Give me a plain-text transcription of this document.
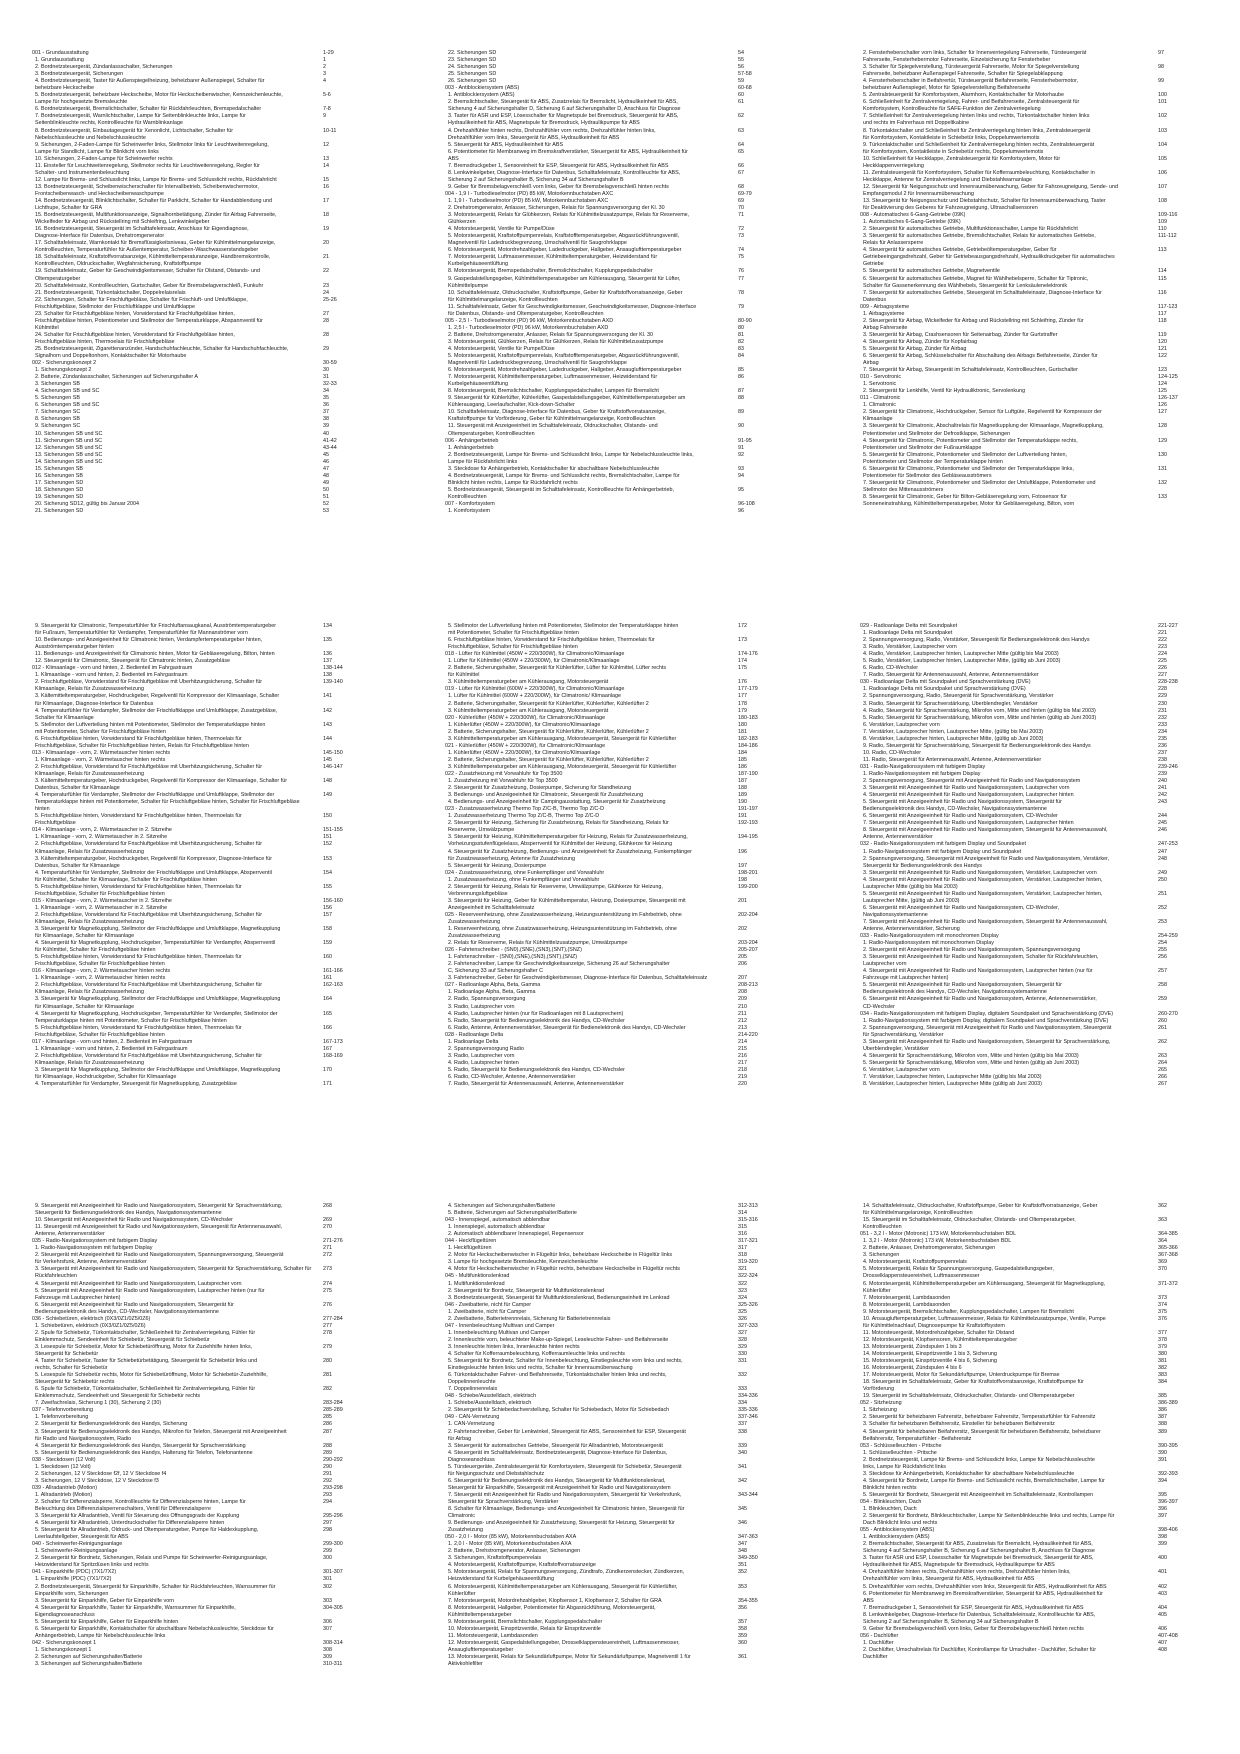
001 - Grundausstattung	1-29
1. Grundausstattung	1
2. Bordnetzsteuergerät, Zündanlassschalter, Sicherungen	2
3. Bordnetzsteuergerät, Sicherungen	3
4. Bordnetzsteuergerät, Taster für Außenspiegelheizung, beheizbarer Außenspiegel, Schalter für	4
beheizbare Heckscheibe
5. Bordnetzsteuergerät, beheizbare Heckscheibe, Motor für Heckscheibenwischer, Kennzeichenleuchte,	5-6
Lampe für hochgesetzte Bremsleuchte
6. Bordnetzsteuergerät, Bremslichtschalter, Schalter für Rückfahrleuchten, Bremspedalschalter	7-8
7. Bordnetzsteuergerät, Warnlichtschalter, Lampe für Seitenblinkleuchte links, Lampe für	9
Seitenblinkleuchte rechts, Kontrollleuchte für Warnblinkanlage
8. Bordnetzsteuergerät, Einbautagesgerät für Xenonlicht, Lichtschalter, Schalter für	10-11
Nebelschlussleuchte und Nebelschlussleuchte
9. Sicherungen, 2-Faden-Lampe für Scheinwerfer links, Stellmotor links für Leuchtweitenregelung,	12
Lampe für Standlicht, Lampe für Blinklicht vorn links
10. Sicherungen, 2-Faden-Lampe für Scheinwerfer rechts	13
11. Einsteller für Leuchtweitenregelung, Stellmotor rechts für Leuchtweitenregelung, Regler für	14
Schalter- und Instrumentenbeleuchtung
12. Lampe für Brems- und Schlusslicht links, Lampe für Brems- und Schlusslicht rechts, Rückfahrlicht	15
13. Bordnetzsteuergerät, Scheibenwischerschalter für Intervallbetrieb, Scheibenwischermotor,	16
Frontscheibenwasch- und Heckscheibenwaschpumpe
14. Bordnetzsteuergerät, Blinklichtschalter, Schalter für Parklicht, Schalter für Handabblendung und	17
Lichthupe, Schalter für GRA
15. Bordnetzsteuergerät, Multifunktionsanzeige, Signalhornbetätigung, Zünder für Airbag Fahrerseite,	18
Wickelfeder für Airbag und Rückstellring mit Schleifring, Lenkwinkelgeber
16. Bordnetzsteuergerät, Steuergerät im Schalttafeleinsatz, Anschluss für Eigendiagnose,	19
Diagnose-Interface für Datenbus, Drehstromgenerator
17. Schalttafeleinsatz, Warnkontakt für Bremsflüssigkeitsniveau, Geber für Kühlmittelmangelanzeige,	20
Kontrollleuchten, Temperaturfühler für Außentemperatur, Scheiben-Waschwasserstandsgeber
18. Schalttafeleinsatz, Kraftstoffvorratsanzeige, Kühlmitteltemperaturanzeige, Handbremskontrolle,	21
Kontrollleuchten, Öldruckschalter, Wegfahrsicherung, Kraftstoffpumpe
19. Schalttafeleinsatz, Geber für Geschwindigkeitsmesser, Schalter für Ölstand, Ölstands- und	22
Öltemperaturgeber
20. Schalttafeleinsatz, Kontrollleuchten, Gurtschalter, Geber für Bremsbelagverschleiß, Funkuhr	23
21. Bordnetzsteuergerät, Türkontaktschalter, Doppelrelaisrelais	24
22. Sicherungen, Schalter für Frischluftgebläse, Schalter für Frischluft- und Umluftklappe,	25-26
Frischluftgebläse, Stellmotor der Frischluftklappe und Umluftklappe
23. Schalter für Frischluftgebläse hinten, Vorwiderstand für Frischluftgebläse hinten,	27
Frischluftgebläse hinten, Potentiometer und Stellmotor der Temperaturklappe, Abspannventil für	28
Kühlmittel
24. Schalter für Frischluftgebläse hinten, Vorwiderstand für Frischluftgebläse hinten,	28
Frischluftgebläse hinten, Thermoelais für Frischluftgebläse
25. Bordnetzsteuergerät, Zigarettenanzünder, Handschuhfachleuchte, Schalter für Handschuhfachleuchte,	29
Signalhorn und Doppeltonhorn, Kontaktschalter für Motorhaube
002 - Sicherungskonzept 2	30-59
1. Sicherungskonzept 2	30
2. Batterie, Zündanlassschalter, Sicherungen auf Sicherungshalter A	31
3. Sicherungen SB	32-33
4. Sicherungen SB und SC	34
5. Sicherungen SB	35
6. Sicherungen SB und SC	36
7. Sicherungen SC	37
8. Sicherungen SB	38
9. Sicherungen SC	39
10. Sicherungen SB und SC	40
11. Sicherungen SB und SC	41-42
12. Sicherungen SB und SC	43-44
13. Sicherungen SB und SC	45
14. Sicherungen SB und SC	46
15. Sicherungen SB	47
16. Sicherungen SB	48
17. Sicherungen SD	49
18. Sicherungen SD	50
19. Sicherungen SD	51
20. Sicherung SD12, gültig bis Januar 2004	52
21. Sicherungen SD	53
22. Sicherungen SD	54
23. Sicherungen SD	55
24. Sicherungen SD	56
25. Sicherungen SD	57-58
26. Sicherungen SD	59
003 - Antiblockiersystem (ABS)	60-68
1. Antiblockiersystem (ABS)	60
2. Bremslichtschalter, Steuergerät für ABS, Zusatzrelais für Bremslicht, Hydraulikeinheit für ABS,	61
Sicherung 4 auf Sicherungshalter D, Sicherung 6 auf Sicherungshalter D, Anschluss für Diagnose
3. Taster für ASR und ESP, Lösesschalter für Magnetspule bei Bremsdruck, Steuergerät für ABS,	62
Hydraulikeinheit für ABS, Magnetspule für Bremsdruck, Hydraulikpumpe für ABS
4. Drehzahlfühler hinten rechts, Drehzahlfühler vorn rechts, Drehzahlfühler hinten links,	63
Drehzahlfühler vorn links, Steuergerät für ABS, Hydraulikeinheit für ABS
5. Steuergerät für ABS, Hydraulikeinheit für ABS	64
6. Potentiometer für Membranweg im Bremskraftverstärker, Steuergerät für ABS, Hydraulikeinheit für	65
ABS
7. Bremsdruckgeber 1, Sensoreinheit für ESP, Steuergerät für ABS, Hydraulikeinheit für ABS	66
8. Lenkwinkelgeber, Diagnose-Interface für Datenbus, Schalttafeleinsatz, Kontrollleuchte für ABS,	67
Sicherung 2 auf Sicherungshalter B, Sicherung 34 auf Sicherungshalter B
9. Geber für Bremsbelagverschleiß vorn links, Geber für Bremsbelagverschleiß hinten rechts	68
004 - 1,9 l - Turbodieselmotor (PD) 85 kW, Motorkennbuchstaben AXC	69-79
1. 1,9 l - Turbodieselmotor (PD) 85 kW, Motorkennbuchstaben AXC	69
2. Drehstromgenerator, Anlasser, Sicherungen, Relais für Spannungsversorgung der Kl. 30	70
3. Motorsteuergerät, Relais für Glühkerzen, Relais für Kühlmittelzusatzpumpe, Relais für Reserveme,	71
Glühkerzen
4. Motorsteuergerät, Ventile für Pumpe/Düse	72
5. Motorsteuergerät, Kraftstoffpumpenrelais, Kraftstofftemperaturgeber, Abgasrückführungsventil,	73
Magnetventil für Ladedruckbegrenzung, Umschaltventil für Saugrohrklappe
6. Motorsteuergerät, Motordrehzahlgeber, Ladedruckgeber, Hallgeber, Ansauglufttemperaturgeber	74
7. Motorsteuergerät, Luftmassenmesser, Kühlmitteltemperaturgeber, Heizwiderstand für	75
Kurbelgehäuseentlüftung
8. Motorsteuergerät, Bremspedalschalter, Bremslichtschalter, Kupplungspedalschalter	76
9. Gaspedalstellungsgeber, Kühlmitteltemperaturgeber am Kühlerausgang, Steuergerät für Lüfter,	77
Kühlmittelpumpe
10. Schalttafeleinsatz, Öldruckschalter, Kraftstoffpumpe, Geber für Kraftstoffvorratsanzeige, Geber	78
für Kühlmittelmangelanzeige, Kontrollleuchten
11. Schalttafeleinsatz, Geber für Geschwindigkeitsmesser, Geschwindigkeitsmesser, Diagnose-Interface	79
für Datenbus, Ölstands- und Öltemperaturgeber, Kontrollleuchten
005 - 2,5 l - Turbodieselmotor (PD) 96 kW, Motorkennbuchstaben AXD	80-90
1. 2,5 l - Turbodieselmotor (PD) 96 kW, Motorkennbuchstaben AXD	80
2. Batterie, Drehstromgenerator, Anlasser, Relais für Spannungsversorgung der Kl. 30	81
3. Motorsteuergerät, Glühkerzen, Relais für Glühkerzen, Relais für Kühlmittelzusatzpumpe	82
4. Motorsteuergerät, Ventile für Pumpe/Düse	83
5. Motorsteuergerät, Kraftstoffpumpenrelais, Kraftstofftemperaturgeber, Abgasrückführungsventil,	84
Magnetventil für Ladedruckbegrenzung, Umschaltventil für Saugrohrklappe
6. Motorsteuergerät, Motordrehzahlgeber, Ladedruckgeber, Hallgeber, Ansauglufttemperaturgeber	85
7. Motorsteuergerät, Kühlmitteltemperaturgeber, Luftmassenmesser, Heizwiderstand für	86
Kurbelgehäuseentlüftung
8. Motorsteuergerät, Bremslichtschalter, Kupplungspedalschalter, Lampen für Bremslicht	87
9. Steuergerät für Kühlerlüfter, Kühlerlüfter, Gaspedalstellungsgeber, Kühlmitteltemperaturgeber am	88
Kühlerausgang, Leerlaufschalter, Kick-down-Schalter
10. Schalttafeleinsatz, Diagnose-Interface für Datenbus, Geber für Kraftstoffvorratsanzeige,	89
Kraftstoffpumpe für Vorförderung, Geber für Kühlmittelmangelanzeige, Kontrollleuchten
11. Steuergerät mit Anzeigeeinheit im Schalttafeleinsatz, Öldruckschalter, Ölstands- und	90
Öltemperaturgeber, Kontrollleuchten
006 - Anhängerbetrieb	91-95
1. Anhängerbetrieb	91
2. Bordnetzsteuergerät, Lampe für Brems- und Schlusslicht links, Lampe für Nebelschlussleuchte links,	92
Lampe für Rückfahrlicht links
3. Steckdose für Anhängerbetrieb, Kontaktschalter für abschaltbare Nebelschlussleuchte	93
4. Bordnetzsteuergerät, Lampe für Brems- und Schlusslicht rechts, Bremslichtschalter, Lampe für	94
Blinklicht hinten rechts, Lampe für Rückfahrlicht rechts
5. Bordnetzsteuergerät, Steuergerät im Schalttafeleinsatz, Kontrollleuchte für Anhängerbetrieb,	95
Kontrollleuchten
007 - Komfortsystem	96-108
1. Komfortsystem	96
2. Fensterheberschalter vorn links, Schalter für Innenverriegelung Fahrerseite, Türsteuergerät	97
Fahrerseite, Fensterhebermotor Fahrerseite, Einzelsicherung für Fensterheber
3. Schalter für Spiegelverstellung, Türsteuergerät Fahrerseite, Motor für Spiegelverstellung	98
Fahrerseite, beheizbarer Außenspiegel Fahrerseite, Schalter für Spiegelabklappung
4. Fensterheberschalter in Beifahrertür, Türsteuergerät Beifahrerseite, Fensterhebermotor,	99
beheizbarer Außenspiegel, Motor für Spiegelverstellung Beifahrerseite
5. Zentralsteuergerät für Komfortsystem, Alarmhorn, Kontaktschalter für Motorhaube	100
6. Schließeinheit für Zentralverriegelung, Fahrer- und Beifahrerseite, Zentralsteuergerät für	101
Komfortsystem, Kontrollleuchte für SAFE-Funktion der Zentralverriegelung
7. Schließeinheit für Zentralverriegelung hinten links und rechts, Türkontaktschalter hinten links	102
und rechts im Fahrerhaus mit Doppeltkabine
8. Türkontaktschalter und Schließeinheit für Zentralverriegelung hinten links, Zentralsteuergerät	103
für Komfortsystem, Kontaktleiste in Schiebetür links, Doppelumwertemotis
9. Türkontaktschalter und Schließeinheit für Zentralverriegelung hinten rechts, Zentralsteuergerät	104
für Komfortsystem, Kontaktleiste in Schiebetür rechts, Doppelumwertemotis
10. Schließeinheit für Heckklappe, Zentralsteuergerät für Komfortsystem, Motor für	105
Heckklappenverriegelung
11. Zentralsteuergerät für Komfortsystem, Schalter für Kofferraumbeleuchtung, Kontaktschalter in	106
Heckklappe, Antenne für Zentralverriegelung und Diebstahlwarnanlage
12. Steuergerät für Neigungsschutz und Innenraumüberwachung, Geber für Fahrzeugneigung, Sende- und	107
Empfangsmodul 2 für Innenraumüberwachung
13. Steuergerät für Neigungsschutz und Diebstahlschutz, Schalter für Innenraumüberwachung, Taster	108
für Deaktivierung des Geberes für Fahrzeugneigung, Ultraschallsensoren
008 - Automatisches 6-Gang-Getriebe (09K)	109-116
1. Automatisches 6-Gang-Getriebe (09K)	109
2. Steuergerät für automatisches Getriebe, Multifunktionsschalter, Lampe für Rückfahrlicht	110
3. Steuergerät für automatisches Getriebe, Bremslichtschalter, Relais für automatisches Getriebe,	111-112
Relais für Anlassersperre
4. Steuergerät für automatisches Getriebe, Getriebeöltemperaturgeber, Geber für	113
Getriebeeingangsdrehzahl, Geber für Getriebeausgangsdrehzahl, Hydraulikdruckgeber für automatisches
Getriebe
5. Steuergerät für automatisches Getriebe, Magnetventile	114
6. Steuergerät für automatisches Getriebe, Magnet für Wählhebelsperre, Schalter für Tiptronic,	115
Schalter für Gassenerkennung des Wählhebels, Steuergerät für Lenksäulenelektronik
7. Steuergerät für automatisches Getriebe, Steuergerät im Schalttafeleinsatz, Diagnose-Interface für	116
Datenbus
009 - Airbagsysteme	117-123
1. Airbagsysteme	117
2. Steuergerät für Airbag, Wickelfeder für Airbag und Rückstellring mit Schleifring, Zünder für	118
Airbag Fahrerseite
3. Steuergerät für Airbag, Crashsensoren für Seitenairbag, Zünder für Gurtstraffer	119
4. Steuergerät für Airbag, Zünder für Kopfairbag	120
5. Steuergerät für Airbag, Zünder für Airbag	121
6. Steuergerät für Airbag, Schlüsselschalter für Abschaltung des Airbags Beifahrerseite, Zünder für	122
Airbag
7. Steuergerät für Airbag, Steuergerät im Schalttafeleinsatz, Kontrollleuchten, Gurtschalter	123
010 - Servotronic	124-125
1. Servotronic	124
2. Steuergerät für Lenkhilfe, Ventil für Hydrauliktronic, Servolenkung	125
011 - Climatronic	126-137
1. Climatronic	126
2. Steuergerät für Climatronic, Hochdruckgeber, Sensor für Luftgüte, Regelventil für Kompressor der	127
Klimaanlage
3. Steuergerät für Climatronic, Abschaltrelais für Magnetkupplung der Klimaanlage, Magnetkupplung,	128
Potentiometer und Stellmotor der Defrostklappe, Sicherungen
4. Steuergerät für Climatronic, Potentiometer und Stellmotor der Temperaturklappe rechts,	129
Potentiometer und Stellmotor der Fußraumklappe
5. Steuergerät für Climatronic, Potentiometer und Stellmotor der Luftverteilung hinten,	130
Potentiometer und Stellmotor der Temperaturklappe hinten
6. Steuergerät für Climatronic, Potentiometer und Stellmotor der Temperaturklappe links,	131
Potentiometer für Stellmotor des Gebläseausströmers
7. Steuergerät für Climatronic, Potentiometer und Stellmotor der Umluftklappe, Potentiometer und	132
Stellmotor des Mittenausströmers
8. Steuergerät für Climatronic, Geber für Bilton-Gebläseregelung vorn, Fotosensor für	133
Sonneneinstrahlung, Kühlmitteltemperaturgeber, Motor für Gebläseregelung, Bilton, vorn
9. Steuergerät für Climatronic, Temperaturfühler für Frischluftansaugkanal, Ausströmtemperaturgeber	134
für Fußraum, Temperaturfühler für Verdampfer, Temperaturfühler für Mannanströmer vorn
10. Bedienungs- und Anzeigeeinheit für Climatronic hinten, Verdampfertemperaturgeber hinten,	135
Ausströmtemperaturgeber hinten
11. Bedienungs- und Anzeigeeinheit für Climatronic hinten, Motor für Gebläseregelung, Bilton, hinten	136
12. Steuergerät für Climatronic, Steuergerät für Climatronic hinten, Zusatzgebläse	137
012 - Klimaanlage - vorn und hinten, 2. Bedienteil im Fahrgastraum	138-144
1. Klimaanlage - vorn und hinten, 2. Bedienteil im Fahrgastraum	138
2. Frischluftgebläse, Vorwiderstand für Frischluftgebläse mit Überhitzungsicherung, Schalter für	139-140
Klimaanlage, Relais für Zusatzwasserheizung
3. Kältemitteltemperaturgeber, Hochdruckgeber, Regelventil für Kompressor der Klimaanlage, Schalter	141
für Klimaanlage, Diagnose-Interface für Datenbus
4. Temperaturfühler für Verdampfer, Stellmotor der Frischluftklappe und Umluftklappe, Zusatzgebläse,	142
Schalter für Klimaanlage
5. Stellmotor der Luftverteilung hinten mit Potentiometer, Stellmotor der Temperaturklappe hinten	143
mit Potentiometer, Schalter für Frischluftgebläse hinten
6. Frischluftgebläse hinten, Vorwiderstand für Frischluftgebläse hinten, Thermoelais für	144
Frischluftgebläse, Schalter für Frischluftgebläse hinten, Relais für Frischluftgebläse hinten
013 - Klimaanlage - vorn, 2. Wärmetauscher hinten rechts	145-150
1. Klimaanlage - vorn, 2. Wärmetauscher hinten rechts	145
2. Frischluftgebläse, Vorwiderstand für Frischluftgebläse mit Überhitzungsicherung, Schalter für	146-147
Klimaanlage, Relais für Zusatzwasserheizung
3. Kältemitteltemperaturgeber, Hochdruckgeber, Regelventil für Kompressor der Klimaanlage, Schalter für	148
Datenbus, Schalter für Klimaanlage
4. Temperaturfühler für Verdampfer, Stellmotor der Frischluftklappe und Umluftklappe, Stellmotor der	149
Temperaturklappe hinten mit Potentiometer, Schalter für Frischluftgebläse hinten, Schalter für Frischluftgebläse
hinten
5. Frischluftgebläse hinten, Vorwiderstand für Frischluftgebläse hinten, Thermoelais für	150
Frischluftgebläse
014 - Klimaanlage - vorn, 2. Wärmetauscher in 2. Sitzreihe	151-155
1. Klimaanlage - vorn, 2. Wärmetauscher in 2. Sitzreihe	151
2. Frischluftgebläse, Vorwiderstand für Frischluftgebläse mit Überhitzungsicherung, Schalter für	152
Klimaanlage, Relais für Zusatzwasserheizung
3. Kältemitteltemperaturgeber, Hochdruckgeber, Regelventil für Kompressor, Diagnose-Interface für	153
Datenbus, Schalter für Klimaanlage
4. Temperaturfühler für Verdampfer, Stellmotor der Frischluftklappe und Umluftklappe, Absperrventil	154
für Kühlmittel, Schalter für Klimaanlage, Schalter für Frischluftgebläse hinten
5. Frischluftgebläse hinten, Vorwiderstand für Frischluftgebläse hinten, Thermoelais für	155
Frischluftgebläse, Schalter für Frischluftgebläse hinten
015 - Klimaanlage - vorn, 2. Wärmetauscher in 2. Sitzreihe	156-160
1. Klimaanlage - vorn, 2. Wärmetauscher in 2. Sitzreihe	156
2. Frischluftgebläse, Vorwiderstand für Frischluftgebläse mit Überhitzungsicherung, Schalter für	157
Klimaanlage, Relais für Zusatzwasserheizung
3. Steuergerät für Magnetkupplung, Stellmotor der Frischluftklappe und Umluftklappe, Magnetkupplung	158
für Klimaanlage, Schalter für Klimaanlage
4. Steuergerät für Magnetkupplung, Hochdruckgeber, Temperaturfühler für Verdampfer, Absperrventil	159
für Kühlmittel, Schalter für Frischluftgebläse hinten
5. Frischluftgebläse hinten, Vorwiderstand für Frischluftgebläse hinten, Thermoelais für	160
Frischluftgebläse, Schalter für Frischluftgebläse hinten
016 - Klimaanlage - vorn, 2. Wärmetauscher hinten rechts	161-166
1. Klimaanlage - vorn, 2. Wärmetauscher hinten rechts	161
2. Frischluftgebläse, Vorwiderstand für Frischluftgebläse mit Überhitzungsicherung, Schalter für	162-163
Klimaanlage, Relais für Zusatzwasserheizung
3. Steuergerät für Magnetkupplung, Stellmotor der Frischluftklappe und Umluftklappe, Magnetkupplung	164
für Klimaanlage, Schalter für Klimaanlage
4. Steuergerät für Magnetkupplung, Hochdruckgeber, Temperaturfühler für Verdampfer, Stellmotor der	165
Temperaturklappe hinten mit Potentiometer, Schalter für Frischluftgebläse hinten
5. Frischluftgebläse hinten, Vorwiderstand für Frischluftgebläse hinten, Thermoelais für	166
Frischluftgebläse, Schalter für Frischluftgebläse hinten
017 - Klimaanlage - vorn und hinten, 2. Bedienteil im Fahrgastraum	167-173
1. Klimaanlage - vorn und hinten, 2. Bedienteil im Fahrgastraum	167
2. Frischluftgebläse, Vorwiderstand für Frischluftgebläse mit Überhitzungsicherung, Schalter für	168-169
Klimaanlage, Relais für Zusatzwasserheizung
3. Steuergerät für Magnetkupplung, Stellmotor der Frischluftklappe und Umluftklappe, Magnetkupplung	170
für Klimaanlage, Hochdruckgeber, Schalter für Klimaanlage
4. Temperaturfühler für Verdampfer, Steuergerät für Magnetkupplung, Zusatzgebläse	171
5. Stellmotor der Luftverteilung hinten mit Potentiometer, Stellmotor der Temperaturklappe hinten	172
mit Potentiometer, Schalter für Frischluftgebläse hinten
6. Frischluftgebläse hinten, Vorwiderstand für Frischluftgebläse hinten, Thermoelais für	173
Frischluftgebläse, Schalter für Frischluftgebläse hinten
018 - Lüfter für Kühlmittel (450W + 220/300W), für Climatronic/Klimaanlage	174-176
1. Lüfter für Kühlmittel (450W + 220/300W), für Climatronic/Klimaanlage	174
2. Batterie, Sicherungshalter, Steuergerät für Kühlerlüfter, Lüfter für Kühlmittel, Lüfter rechts	175
für Kühlmittel
3. Kühlmitteltemperaturgeber am Kühlerausgang, Motorsteuergerät	176
019 - Lüfter für Kühlmittel (600W + 220/300W), für Climatronic/Klimaanlage	177-179
1. Lüfter für Kühlmittel (600W + 220/300W), für Climatronic/ Klimaanlage	177
2. Batterie, Sicherungshalter, Steuergerät für Kühlerlüfter, Kühlerlüfter, Kühlerlüfter 2	178
3. Kühlmitteltemperaturgeber am Kühlerausgang, Motorsteuergerät	179
020 - Kühlerlüfter (450W + 220/300W), für Climatronic/Klimaanlage	180-183
1. Kühlerlüfter (450W + 220/300W), für Climatronic/Klimaanlage	180
2. Batterie, Sicherungshalter, Steuergerät für Kühlerlüfter, Kühlerlüfter, Kühlerlüfter 2	181
3. Kühlmitteltemperaturgeber am Kühlerausgang, Motorsteuergerät, Steuergerät für Kühlerlüfter	182-183
021 - Kühlerlüfter (450W + 220/300W), für Climatronic/Klimaanlage	184-186
1. Kühlerlüfter (450W + 220/300W), für Climatronic/Klimaanlage	184
2. Batterie, Sicherungshalter, Steuergerät für Kühlerlüfter, Kühlerlüfter, Kühlerlüfter 2	185
3. Kühlmitteltemperaturgeber am Kühlerausgang, Motorsteuergerät, Steuergerät für Kühlerlüfter	186
022 - Zusatzheizung mit Vorwahluhr für Top 3500	187-190
1. Zusatzheizung mit Vorwahluhr für Top 3500	187
2. Steuergerät für Zusatzheizung, Dosierpumpe, Sicherung für Standheizung	188
3. Bedienungs- und Anzeigeeinheit für Climatronic, Steuergerät für Zusatzheizung	189
4. Bedienungs- und Anzeigeeinheit für Campingausstattung, Steuergerät für Zusatzheizung	190
023 - Zusatzwasserheizung Thermo Top Z/C-B, Thermo Top Z/C-D	191-197
1. Zusatzwasserheizung Thermo Top Z/C-B, Thermo Top Z/C-D	191
2. Steuergerät für Heizung, Sicherung für Zusatzheizung, Relais für Standheizung, Relais für	192-193
Reserveme, Umwälzpumpe
3. Steuergerät für Heizung, Kühlmitteltemperaturgeber für Heizung, Relais für Zusatzwasserheizung,	194-195
Vorheizungsstufenflügelelass, Absperrventil für Kühlmittel der Heizung, Glühkerze für Heizung
4. Steuergerät für Zusatzheizung, Bedienungs- und Anzeigeeinheit für Zusatzheizung, Funkempfänger	196
für Zusatzwasserheizung, Antenne für Zusatzheizung
5. Steuergerät für Heizung, Dosierpumpe	197
024 - Zusatzwasserheizung, ohne Funkempfänger und Vorwahluhr	198-201
1. Zusatzwasserheizung, ohne Funkempfänger und Vorwahluhr	198
2. Steuergerät für Heizung, Relais für Reserveme, Umwälzpumpe, Glühkerze für Heizung,	199-200
Verbrennungsluftgebläse
3. Steuergerät für Heizung, Geber für Kühlmitteltemperatur, Heizung, Dosierpumpe, Steuergerät mit	201
Anzeigeeinheit im Schalttafeleinsatz
025 - Reserveenheizung, ohne Zusatzwasserheizung, Heizungsunterstützung im Fahrbetrieb, ohne	202-204
Zusatzwasserheizung
1. Reserveenheizung, ohne Zusatzwasserheizung, Heizungsunterstützung im Fahrbetrieb, ohne	202
Zusatzwasserheizung
2. Relais für Reserveme, Relais für Kühlmittelzusatzpumpe, Umwälzpumpe	203-204
026 - Fahrtenschreiber - (SN0),(SNE),(SN3),(SNT),(SNZ)	205-207
1. Fahrtenschreiber - (SN0),(SNE),(SN3),(SNT),(SNZ)	205
2. Fahrtenschreiber, Lampe für Geschwindigkeitsanzeige, Sicherung 26 auf Sicherungshalter	206
C, Sicherung 33 auf Sicherungshalter C
3. Fahrtenschreiber, Geber für Geschwindigkeitsmesser, Diagnose-Interface für Datenbus, Schalttafeleinsatz	207
027 - Radioanlage Alpha, Beta, Gamma	208-213
1. Radioanlage Alpha, Beta, Gamma	208
2. Radio, Spannungsversorgung	209
3. Radio, Lautsprecher vorn	210
4. Radio, Lautsprecher hinten (nur für Radioanlagen mit 8 Lautsprechern)	211
5. Radio, Steuergerät für Bedienungselektronik des Handys, CD-Wechsler	212
6. Radio, Antenne, Antennenverstärker, Steuergerät für Bedienelektronik des Handys, CD-Wechsler	213
028 - Radioanlage Delta	214-220
1. Radioanlage Delta	214
2. Spannungsversorgung Radio	215
3. Radio, Lautsprecher vorn	216
4. Radio, Lautsprecher hinten	217
5. Radio, Steuergerät für Bedienungselektronik des Handys, CD-Wechsler	218
6. Radio, CD-Wechsler, Antenne, Antennenverstärker	219
7. Radio, Steuergerät für Antennenauswahl, Antenne, Antennenverstärker	220
029 - Radioanlage Delta mit Soundpaket	221-227
1. Radioanlage Delta mit Soundpaket	221
2. Spannungsversorgung, Radio, Verstärker, Steuergerät für Bedienungselektronik des Handys	222
3. Radio, Verstärker, Lautsprecher vorn	223
4. Radio, Verstärker, Lautsprecher hinten, Lautsprecher Mitte (gültig bis Mai 2003)	224
5. Radio, Verstärker, Lautsprecher hinten, Lautsprecher Mitte, (gültig ab Juni 2003)	225
6. Radio, CD-Wechsler	226
7. Radio, Steuergerät für Antennenauswahl, Antenne, Antennenverstärker	227
030 - Radioanlage Delta mit Soundpaket und Sprachverstärkung (DVE)	228-238
1. Radioanlage Delta mit Soundpaket und Sprachverstärkung (DVE)	228
2. Spannungsversorgung, Radio, Steuergerät für Sprachverstärkung, Verstärker	229
3. Radio, Steuergerät für Sprachverstärkung, Überblendregler, Verstärker	230
4. Radio, Steuergerät für Sprachverstärkung, Mikrofon vorn, Mitte und hinten (gültig bis Mai 2003)	231
5. Radio, Steuergerät für Sprachverstärkung, Mikrofon vorn, Mitte und hinten (gültig ab Juni 2003)	232
6. Verstärker, Lautsprecher vorn	233
7. Verstärker, Lautsprecher hinten, Lautsprecher Mitte, (gültig bis Mai 2003)	234
8. Verstärker, Lautsprecher hinten, Lautsprecher Mitte, (gültig ab Juni 2003)	235
9. Radio, Steuergerät für Sprachverstärkung, Steuergerät für Bedienungselektronik des Handys	236
10. Radio, CD-Wechsler	237
11. Radio, Steuergerät für Antennenauswahl, Antenne, Antennenverstärker	238
031 - Radio-Navigationssystem mit farbigem Display	239-246
1. Radio-Navigationssystem mit farbigem Display	239
2. Spannungsversorgung, Steuergerät mit Anzeigeeinheit für Radio und Navigationssystem	240
3. Steuergerät mit Anzeigeeinheit für Radio und Navigationssystem, Lautsprecher vorn	241
4. Steuergerät mit Anzeigeeinheit für Radio und Navigationssystem, Lautsprecher hinten	242
5. Steuergerät mit Anzeigeeinheit für Radio und Navigationssystem, Steuergerät für	243
Bedienungselektronik des Handys, CD-Wechsler, Navigationssystemantenne
6. Steuergerät mit Anzeigeeinheit für Radio und Navigationssystem, CD-Wechsler	244
7. Steuergerät mit Anzeigeeinheit für Radio und Navigationssystem, Lautsprecher hinten	245
8. Steuergerät mit Anzeigeeinheit für Radio und Navigationssystem, Steuergerät für Antennenauswahl,	246
Antenne, Antennenverstärker
032 - Radio-Navigationssystem mit farbigem Display und Soundpaket	247-253
1. Radio-Navigationssystem mit farbigem Display und Soundpaket	247
2. Spannungsversorgung, Steuergerät mit Anzeigeeinheit für Radio und Navigationssystem, Verstärker,	248
Steuergerät für Bedienungselektronik des Handys
3. Steuergerät mit Anzeigeeinheit für Radio und Navigationssystem, Verstärker, Lautsprecher vorn	249
4. Steuergerät mit Anzeigeeinheit für Radio und Navigationssystem, Verstärker, Lautsprecher hinten,	250
Lautsprecher Mitte (gültig bis Mai 2003)
5. Steuergerät mit Anzeigeeinheit für Radio und Navigationssystem, Verstärker, Lautsprecher hinten,	251
Lautsprecher Mitte, (gültig ab Juni 2003)
6. Steuergerät mit Anzeigeeinheit für Radio und Navigationssystem, CD-Wechsler,	252
Navigationssystemantenne
7. Steuergerät mit Anzeigeeinheit für Radio und Navigationssystem, Steuergerät für Antennenauswahl,	253
Antenne, Antennenverstärker, Sicherung
033 - Radio-Navigationssystem mit monochromen Display	254-259
1. Radio-Navigationssystem mit monochromen Display	254
2. Steuergerät mit Anzeigeeinheit für Radio und Navigationssystem, Spannungsversorgung	255
3. Steuergerät mit Anzeigeeinheit für Radio und Navigationssystem, Schalter für Rückfahrleuchten,	256
Lautsprecher vorn
4. Steuergerät mit Anzeigeeinheit für Radio und Navigationssystem, Lautsprecher hinten (nur für	257
Fahrzeuge mit Lautsprecher hinten)
5. Steuergerät mit Anzeigeeinheit für Radio und Navigationssystem, Steuergerät für	258
Bedienungselektronik des Handys, CD-Wechsler, Navigationssystemantenne
6. Steuergerät mit Anzeigeeinheit für Radio und Navigationssystem, Antenne, Antennenverstärker,	259
CD-Wechsler
034 - Radio-Navigationssystem mit farbigem Display, digitalem Soundpaket und Sprachverstärkung (DVE)	260-270
1. Radio-Navigationssystem mit farbigem Display, digitalem Soundpaket und Sprachverstärkung (DVE)	260
2. Spannungsversorgung, Steuergerät mit Anzeigeeinheit für Radio und Navigationssystem, Steuergerät	261
für Sprachverstärkung, Verstärker
3. Steuergerät mit Anzeigeeinheit für Radio und Navigationssystem, Steuergerät für Sprachverstärkung,	262
Überblendregler, Verstärker
4. Steuergerät für Sprachverstärkung, Mikrofon vorn, Mitte und hinten (gültig bis Mai 2003)	263
5. Steuergerät für Sprachverstärkung, Mikrofon vorn, Mitte und hinten (gültig ab Juni 2003)	264
6. Verstärker, Lautsprecher vorn	265
7. Verstärker, Lautsprecher hinten, Lautsprecher Mitte (gültig bis Mai 2003)	266
8. Verstärker, Lautsprecher hinten, Lautsprecher Mitte (gültig ab Juni 2003)	267
9. Steuergerät mit Anzeigeeinheit für Radio und Navigationssystem, Steuergerät für Sprachverstärkung,	268
Steuergerät für Bedienungselektronik des Handys, Navigationssystemantenne
10. Steuergerät mit Anzeigeeinheit für Radio und Navigationssystem, CD-Wechsler	269
11. Steuergerät mit Anzeigeeinheit für Radio und Navigationssystem, Steuergerät für Antennenauswahl,	270
Antenne, Antennenverstärker
035 - Radio-Navigationssystem mit farbigem Display	271-276
1. Radio-Navigationssystem mit farbigem Display	271
2. Steuergerät mit Anzeigeeinheit für Radio und Navigationssystem, Spannungsversorgung, Steuergerät	272
für Verkehrsfunk, Antenne, Antennenverstärker
3. Steuergerät mit Anzeigeeinheit für Radio und Navigationssystem, Steuergerät für Sprachverstärkung, Schalter für	273
Rückfahrleuchten
4. Steuergerät mit Anzeigeeinheit für Radio und Navigationssystem, Lautsprecher vorn	274
5. Steuergerät mit Anzeigeeinheit für Radio und Navigationssystem, Lautsprecher hinten (nur für	275
Fahrzeuge mit Lautsprecher hinten)
6. Steuergerät mit Anzeigeeinheit für Radio und Navigationssystem, Steuergerät für	276
Bedienungselektronik des Handys, CD-Wechsler, Navigationssystemantenne
036 - Schiebetüren, elektrisch (0X3/0Z1/0Z5/0Z6)	277-284
1. Schiebetüren, elektrisch (0X3/0Z1/0Z5/0Z6)	277
2. Spule für Schiebetür, Türkontaktschalter, Schließeinheit für Zentralverriegelung, Fühler für	278
Einklemmschutz, Sendeeinheit für Schiebetür, Steuergerät für Schiebetür
3. Lesespule für Schiebetür, Motor für Schiebetüröffnung, Motor für Zuziehhilfe hinten links,	279
Steuergerät für Schiebetür
4. Taster für Schiebetür, Taster für Schiebetürbetätigung, Steuergerät für Schiebetür links und	280
rechts, Schalter für Schiebetür
5. Lesespule für Schiebetür rechts, Motor für Schiebetüröffnung, Motor für Schiebetür-Zuziehhilfe,	281
Steuergerät für Schiebetür rechts
6. Spule für Schiebetür, Türkontaktschalter, Schließeinheit für Zentralverriegelung, Fühler für	282
Einklemmschutz, Sendeeinheit und Steuergerät für Schiebetür rechts
7. Zweifachrelais, Sicherung 1 (30), Sicherung 2 (30)	283-284
037 - Telefonvorbereitung	285-289
1. Telefonvorbereitung	285
2. Steuergerät für Bedienungselektronik des Handys, Sicherung	286
3. Steuergerät für Bedienungselektronik des Handys, Mikrofon für Telefon, Steuergerät mit Anzeigeeinheit	287
für Radio und Navigationssystem, Radio
4. Steuergerät für Bedienungselektronik des Handys, Steuergerät für Sprachverstärkung	288
5. Steuergerät für Bedienungselektronik des Handys, Halterung für Telefon, Telefonantenne	289
038 - Steckdosen (12 Volt)	290-292
1. Steckdosen (12 Volt)	290
2. Sicherungen, 12 V Steckdose f2f, 12 V Steckdose f4	291
3. Sicherungen, 12 V Steckdose, 12 V Steckdose f3	292
039 - Allradantrieb (Motion)	293-298
1. Allradantrieb (Motion)	293
2. Schalter für Differenzialsperre, Kontrollleuchte für Differenzialsperre hinten, Lampe für	294
Beleuchtung des Differenzialsperrenschalters, Ventil für Differenzialsperre
3. Steuergerät für Allradantrieb, Ventil für Steuerung des Öffnungsgrads der Kupplung	295-296
4. Steuergerät für Allradantrieb, Unterdruckschalter für Differenzialsperre hinten	297
5. Steuergerät für Allradantrieb, Öldruck- und Öltemperaturgeber, Pumpe für Haldexkupplung,	298
Leerlaufstellgeber, Steuergerät für ABS
040 - Scheinwerfer-Reinigungsanlage	299-300
1. Scheinwerfer-Reinigungsanlage	299
2. Steuergerät für Bordnetz, Sicherungen, Relais und Pumpe für Scheinwerfer-Reinigungsanlage,	300
Heizwiderstand für Spritzdüsen links und rechts
041 - Einparkhilfe (PDC) (7X1/7X2)	301-307
1. Einparkhilfe (PDC) (7X1/7X2)	301
2. Bordnetzsteuergerät, Steuergerät für Einparkhilfe, Schalter für Rückfahrleuchten, Warnsummer für	302
Einparkhilfe vorn, Sicherungen
3. Steuergerät für Einparkhilfe, Geber für Einparkhilfe vorn	303
4. Steuergerät für Einparkhilfe, Taster für Einparkhilfe, Warnsummer für Einparkhilfe,	304-305
Eigendiagnoseanschluss
5. Steuergerät für Einparkhilfe, Geber für Einparkhilfe hinten	306
6. Steuergerät für Einparkhilfe, Kontaktschalter für abschaltbare Nebelschlussleuchte, Steckdose für	307
Anhängerbetrieb, Lampe für Nebelschlussleuchte links
042 - Sicherungskonzept 1	308-314
1. Sicherungskonzept 1	308
2. Sicherungen auf Sicherungshalter/Batterie	309
3. Sicherungen auf Sicherungshalter/Batterie	310-311
4. Sicherungen auf Sicherungshalter/Batterie	312-313
5. Batterie, Sicherungen auf Sicherungshalter/Batterie	314
043 - Innenspiegel, automatisch abblendbar	315-316
1. Innenspiegel, automatisch abblendbar	315
2. Automatisch abblendbarer Innenspiegel, Regensensor	316
044 - Heckflügeltüren	317-321
1. Heckflügeltüren	317
2. Motor für Heckscheibenwischer in Flügeltür links, beheizbare Heckscheibe in Flügeltür links	318
3. Lampe für hochgesetzte Bremsleuchte, Kennzeichenleuchte	319-320
4. Motor für Heckscheibenwischer in Flügeltür rechts, beheizbare Heckscheibe in Flügeltür rechts	321
045 - Multifunktionslenkrad	322-324
1. Multifunktionslenkrad	322
2. Steuergerät für Bordnetz, Steuergerät für Multifunktionslenkrad	323
3. Bordnetzsteuergerät, Steuergerät für Multifunktionslenkrad, Bedienungseinheit im Lenkrad	324
046 - Zweibatterie, nicht für Camper	325-326
1. Zweibatterie, nicht für Camper	325
2. Zweibatterie, Batterietrennrelais, Sicherung für Batterietrennrelais	326
047 - Innenbeleuchtung Multivan und Camper	327-333
1. Innenbeleuchtung Multivan und Camper	327
2. Innenleuchte vorn, beleuchteter Make-up-Spiegel, Leseleuchte Fahrer- und Beifahrerseite	328
3. Innenleuchte hinten links, Innenleuchte hinten rechts	329
4. Schalter für Kofferraumbeleuchtung, Kofferraumleuchte links und rechts	330
5. Steuergerät für Bordnetz, Schalter für Innenbeleuchtung, Einstiegsleuchte vorn links und rechts,	331
Einstiegsleuchte hinten links und rechts, Schalter für Innenraumüberwachung
6. Türkontaktschalter Fahrer- und Beifahrerseite, Türkontaktschalter hinten links und rechts,	332
Doppelinnenleuchte
7. Doppelinnenrelais	333
048 - Schiebe/Ausstelldach, elektrisch	334-336
1. Schiebe/Ausstelldach, elektrisch	334
2. Steuergerät für Schiebedachverstellung, Schalter für Schiebedach, Motor für Schiebedach	335-336
049 - CAN-Vernetzung	337-346
1. CAN-Vernetzung	337
2. Fahrtenschreiber, Geber für Lenkwinkel, Steuergerät für ABS, Sensoreinheit für ESP, Steuergerät	338
für Airbag
3. Steuergerät für automatisches Getriebe, Steuergerät für Allradantrieb, Motorsteuergerät	339
4. Steuergerät im Schalttafeleinsatz, Bordnetzsteuergerät, Diagnose-Interface für Datenbus,	340
Diagnoseanschluss
5. Türsteuergeräte, Zentralsteuergerät für Komfortsystem, Steuergerät für Schiebetür, Steuergerät	341
für Neigungsschutz und Diebstahlschutz
6. Steuergerät für Bedienungselektronik des Handys, Steuergerät für Multifunktionslenkrad,	342
Steuergerät für Einparkhilfe, Steuergerät mit Anzeigeeinheit für Radio und Navigationssystem
7. Steuergerät mit Anzeigeeinheit für Radio und Navigationssystem, Steuergerät für Verkehrsfunk,	343-344
Steuergerät für Sprachverstärkung, Verstärker
8. Schalter für Klimaanlage, Bedienungs- und Anzeigeeinheit für Climatronic hinten, Steuergerät für	345
Climatronic
9. Bedienungs- und Anzeigeeinheit für Zusatzheizung, Steuergerät für Heizung, Steuergerät für	346
Zusatzheizung
050 - 2,0 l - Motor (85 kW), Motorkennbuchstaben AXA	347-363
1. 2,0 l - Motor (85 kW), Motorkennbuchstaben AXA	347
2. Batterie, Drehstromgenerator, Anlasser, Sicherungen	348
3. Sicherungen, Kraftstoffpumpenrelais	349-350
4. Motorsteuergerät, Kraftstoffpumpe, Kraftstoffvorratsanzeige	351
5. Motorsteuergerät, Relais für Spannungsversorgung, Zündtrafo, Zündkerzenstecker, Zündkerzen,	352
Heizwiderstand für Kurbelgehäuseentlüftung
6. Motorsteuergerät, Kühlmitteltemperaturgeber am Kühlerausgang, Steuergerät für Kühlerlüfter,	353
Kühlerlüfter
7. Motorsteuergerät, Motordrehzahlgeber, Klopfsensor 1, Klopfsensor 2, Schalter für GRA	354-355
8. Motorsteuergerät, Hallgeber, Potentiometer für Abgasrückführung, Motorsteuergerät,	356
Kühlmitteltemperaturgeber
9. Motorsteuergerät, Bremslichtschalter, Kupplungspedalschalter	357
10. Motorsteuergerät, Einspritzventile, Relais für Einspritzventile	358
11. Motorsteuergerät, Lambdasonden	359
12. Motorsteuergerät, Gaspedalstellungsgeber, Drosselklappensteuereinheit, Luftmassenmesser,	360
Ansauglufttemperaturgeber
13. Motorsteuergerät, Relais für Sekundärluftpumpe, Motor für Sekundärluftpumpe, Magnetventil 1 für	361
Aktivkohlefilter
14. Schalttafeleinsatz, Öldruckschalter, Kraftstoffpumpe, Geber für Kraftstoffvorratsanzeige, Geber	362
für Kühlmittelmangelanzeige, Kontrollleuchten
15. Steuergerät im Schalttafeleinsatz, Öldruckschalter, Ölstands- und Öltemperaturgeber,	363
Kontrollleuchten
051 - 3,2 l - Motor (Motronic) 173 kW, Motorkennbuchstaben BDL	364-385
1. 3,2 l - Motor (Motronic) 173 kW, Motorkennbuchstaben BDL	364
2. Batterie, Anlasser, Drehstromgenerator, Sicherungen	365-366
3. Sicherungen	367-368
4. Motorsteuergerät, Kraftstoffpumpenrelais	369
5. Motorsteuergerät, Relais für Spannungsversorgung, Gaspedalstellungsgeber,	370
Drosselklappensteuereinheit, Luftmassenmesser
6. Motorsteuergerät, Kühlmitteltemperaturgeber am Kühlerausgang, Steuergerät für Magnetkupplung,	371-372
Kühlerlüfter
7. Motorsteuergerät, Lambdasonden	373
8. Motorsteuergerät, Lambdasonden	374
9. Motorsteuergerät, Bremslichtschalter, Kupplungspedalschalter, Lampen für Bremslicht	375
10. Ansaugluftemperaturgeber, Luftmassenmesser, Relais für Kühlmittelzusatzpumpe, Ventile, Pumpe	376
für Kühlmittelnachlauf, Diagnosepumpe für Kraftstoffsystem
11. Motorsteuergerät, Motordrehzahlgeber, Schalter für Ölstand	377
12. Motorsteuergerät, Klopfsensoren, Kühlmitteltemperaturgeber	378
13. Motorsteuergerät, Zündspulen 1 bis 3	379
14. Motorsteuergerät, Einspritzventile 1 bis 3, Sicherung	380
15. Motorsteuergerät, Einspritzventile 4 bis 6, Sicherung	381
16. Motorsteuergerät, Zündspulen 4 bis 6	382
17. Motorsteuergerät, Motor für Sekundärluftpumpe, Unterdruckpumpe für Bremse	383
18. Steuergerät im Schalttafeleinsatz, Geber für Kraftstoffvorratsanzeige, Kraftstoffpumpe für	384
Vorförderung
19. Steuergerät im Schalttafeleinsatz, Öldruckschalter, Ölstands- und Öltemperaturgeber	385
052 - Sitzheizung	386-389
1. Sitzheizung	386
2. Steuergerät für beheizbaren Fahrersitz, beheizbarer Fahrersitz, Temperaturfühler für Fahrersitz	387
3. Schalter für beheizbaren Beifahrersitz, Einsteller für beheizbaren Beifahrersitz	388
4. Steuergerät für beheizbaren Beifahrersitz, Steuergerät für beheizbaren Beifahrersitz, beheizbarer	389
Beifahrersitz, Temperaturfühler - Beifahrersitz
053 - Schlüsselleuchten - Pritsche	390-395
1. Schlüsselleuchten - Pritsche	390
2. Bordnetzsteuergerät, Lampe für Brems- und Schlusslicht links, Lampe für Nebelschlussleuchte	391
links, Lampe für Rückfahrlicht links
3. Steckdose für Anhängerbetrieb, Kontaktschalter für abschaltbare Nebelschlussleuchte	392-393
4. Steuergerät für Bordnetz, Lampe für Brems- und Schlusslicht rechts, Bremslichtschalter, Lampe für	394
Blinklicht hinten rechts
5. Steuergerät für Bordnetz, Steuergerät mit Anzeigeeinheit im Schalttafeleinsatz, Kontrollampen	395
054 - Blinkleuchten, Dach	396-397
1. Blinkleuchten, Dach	396
2. Steuergerät für Bordnetz, Blinkleuchtschalter, Lampe für Seitenblinkleuchte links und rechts, Lampe für	397
Dach Blinklicht links und rechts
055 - Antiblockiersystem (ABS)	398-406
1. Antiblockiersystem (ABS)	398
2. Bremslichtschalter, Steuergerät für ABS, Zusatzrelais für Bremslicht, Hydraulikeinheit für ABS,	399
Sicherung 4 auf Sicherungshalter B, Sicherung 6 auf Sicherungshalter B, Anschluss für Diagnose
3. Taster für ASR und ESP, Lösesschalter für Magnetspule bei Bremsdruck, Steuergerät für ABS,	400
Hydraulikeinheit für ABS, Magnetspule für Bremsdruck, Hydraulikpumpe für ABS
4. Drehzahlfühler hinten rechts, Drehzahlfühler vorn rechts, Drehzahlfühler hinten links,	401
Drehzahlfühler vorn links, Steuergerät für ABS, Hydraulikeinheit für ABS
5. Drehzahlfühler vorn rechts, Drehzahlfühler vorn links, Steuergerät für ABS, Hydraulikeinheit für ABS	402
6. Potentiometer für Membranweg im Bremskraftverstärker, Steuergerät für ABS, Hydraulikeinheit für	403
ABS
7. Bremsdruckgeber 1, Sensoreinheit für ESP, Steuergerät für ABS, Hydraulikeinheit für ABS	404
8. Lenkwinkelgeber, Diagnose-Interface für Datenbus, Schalttafeleinsatz, Kontrollleuchte für ABS,	405
Sicherung 2 auf Sicherungshalter B, Sicherung 34 auf Sicherungshalter B
9. Geber für Bremsbelagverschleiß vorn links, Geber für Bremsbelagverschleiß hinten rechts	406
056 - Dachlüfter	407-408
1. Dachlüfter	407
2. Dachlüfter, Umschaltrelais für Dachlüfter, Kontrollampe für Umschalter - Dachlüfter, Schalter für	408
Dachlüfter
